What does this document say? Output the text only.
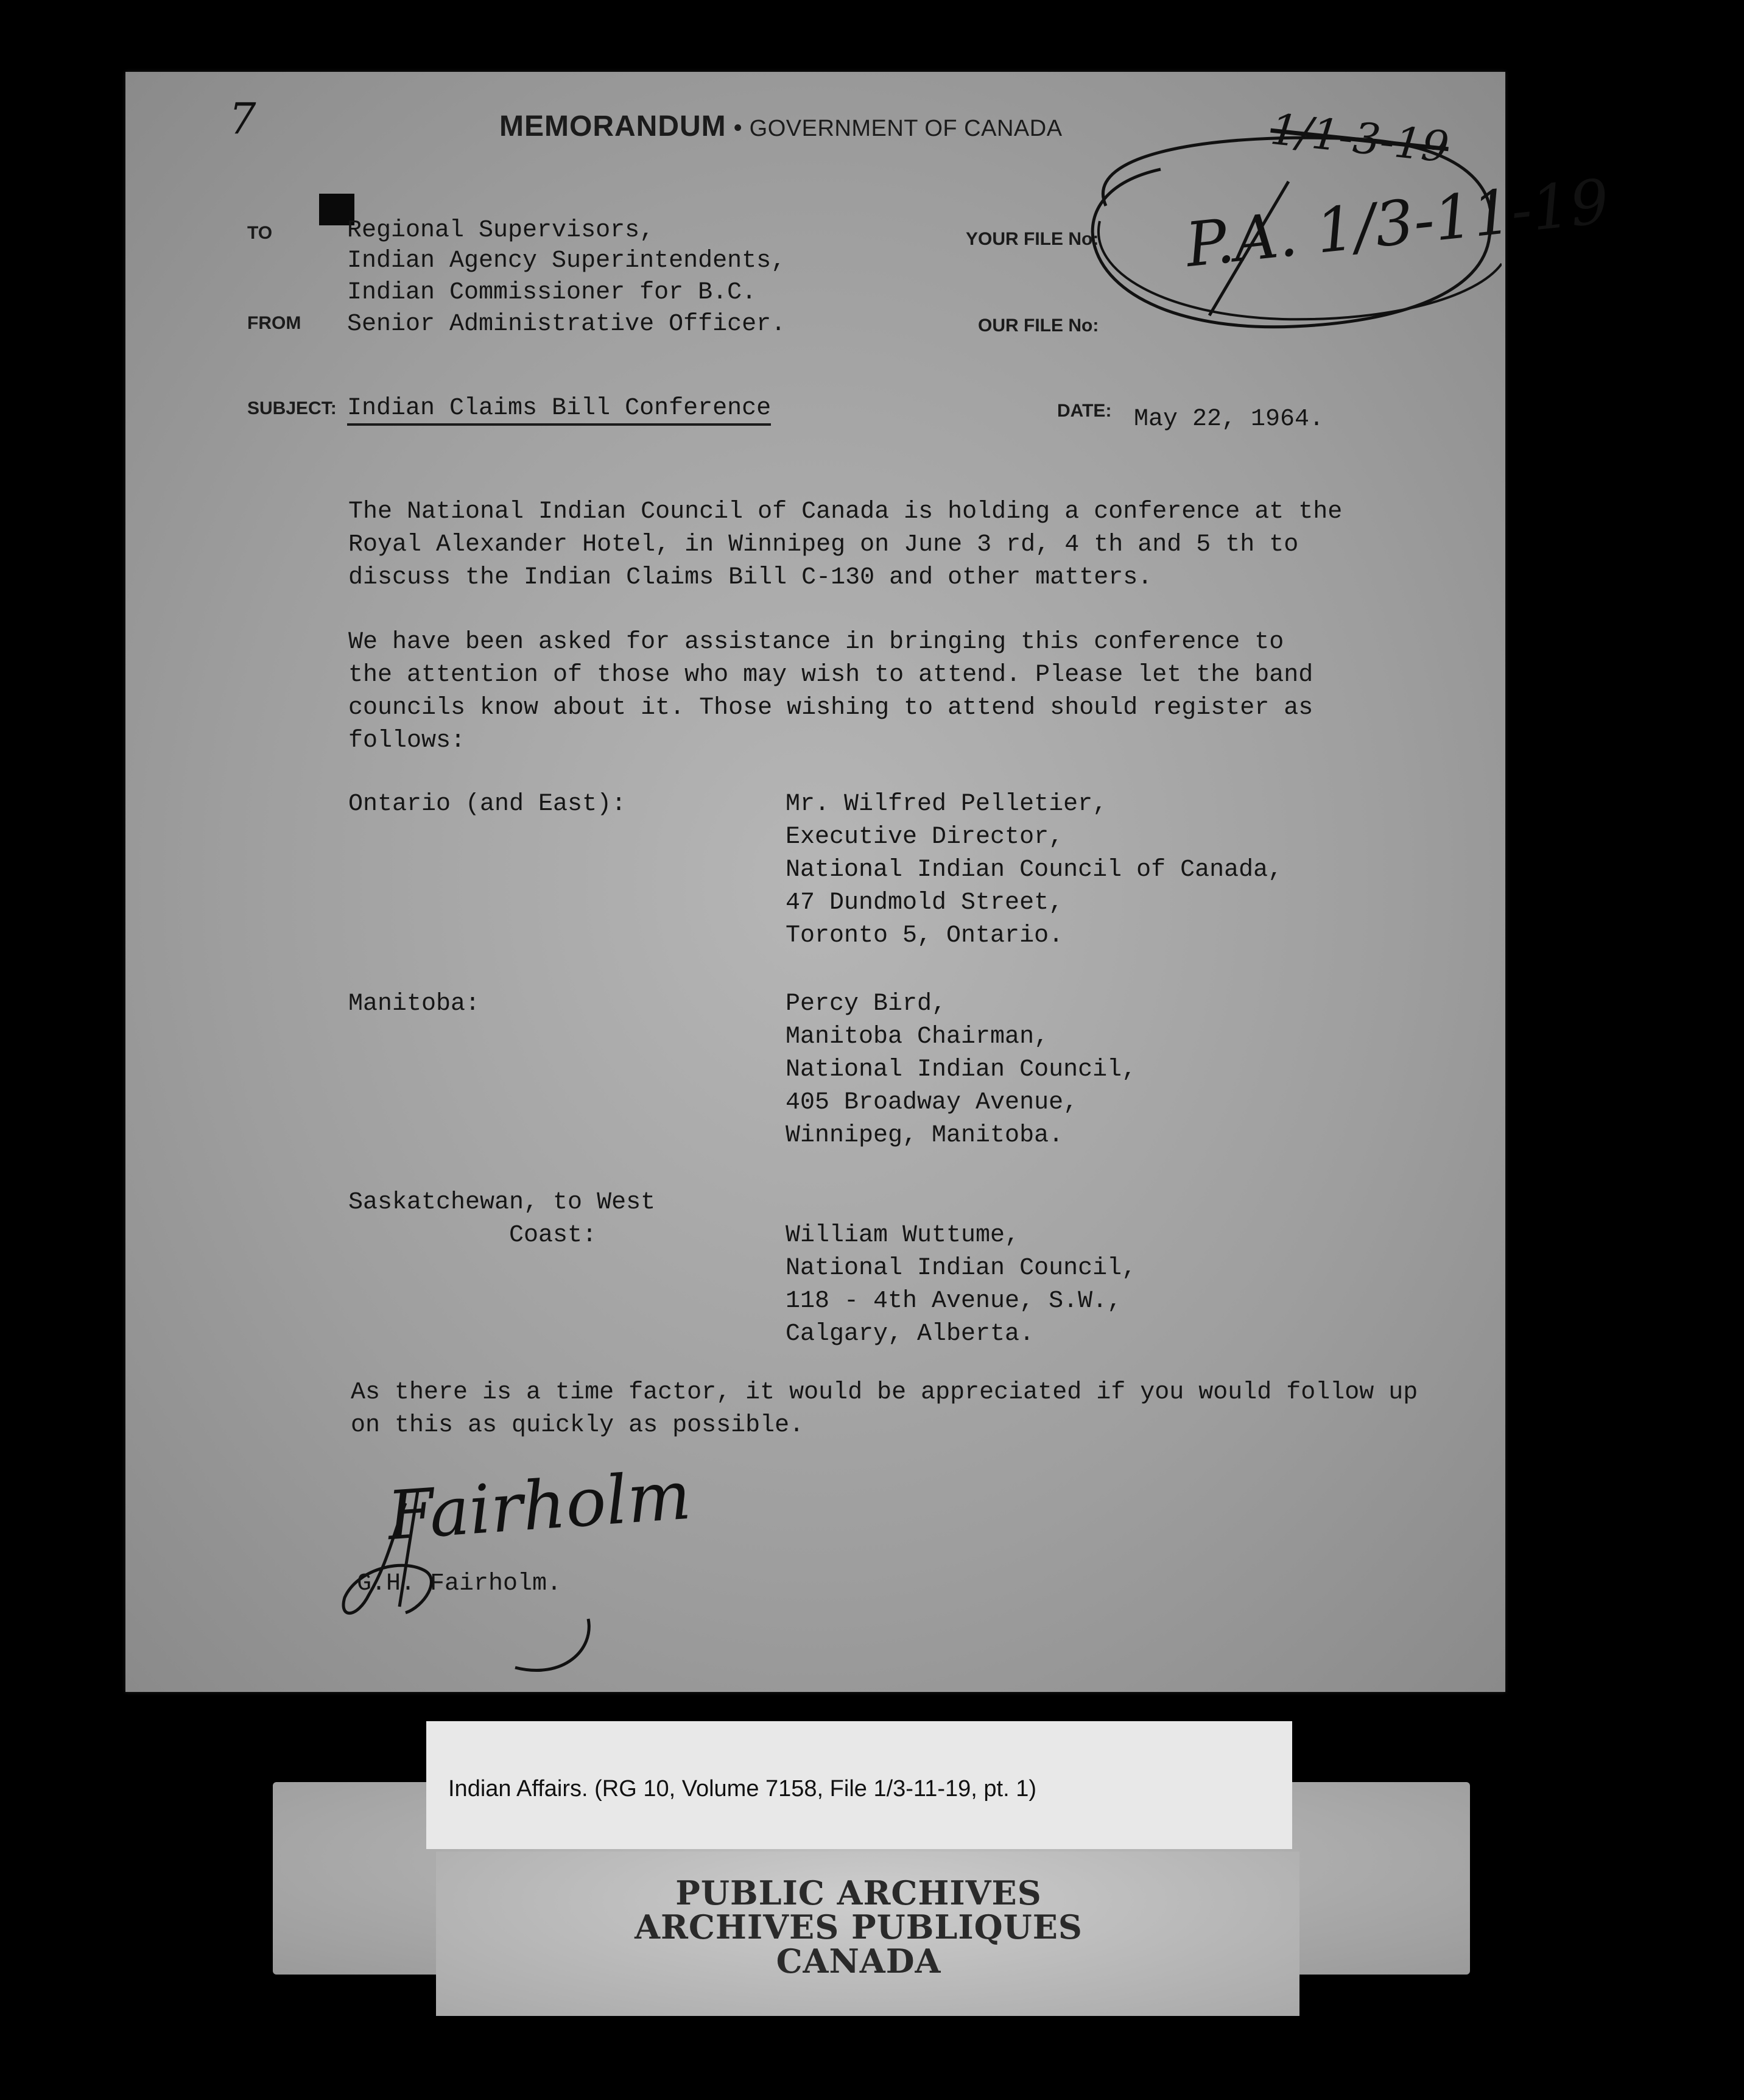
7	MEMORANDUM • GOVERNMENT OF CANADA	1/1-3-19
P.A. 1/3-11-19
TO	Regional Supervisors,
Indian Agency Superintendents,
Indian Commissioner for B.C.
FROM Senior Administrative Officer.
YOUR FILE No:
OUR FILE No:
SUBJECT: Indian Claims Bill Conference	DATE: May 22, 1964.
The National Indian Council of Canada is holding a conference at the
Royal Alexander Hotel, in Winnipeg on June 3 rd, 4 th and 5 th to
discuss the Indian Claims Bill C-130 and other matters.
We have been asked for assistance in bringing this conference to
the attention of those who may wish to attend. Please let the band
councils know about it. Those wishing to attend should register as
follows:
Ontario (and East):	Mr. Wilfred Pelletier,
Executive Director,
National Indian Council of Canada,
47 Dundmold Street,
Toronto 5, Ontario.
Manitoba:	Percy Bird,
Manitoba Chairman,
National Indian Council,
405 Broadway Avenue,
Winnipeg, Manitoba.
Saskatchewan, to West
Coast:	William Wuttume,
National Indian Council,
118 - 4th Avenue, S.W.,
Calgary, Alberta.
As there is a time factor, it would be appreciated if you would follow up
on this as quickly as possible.
Fairholm
G.H. Fairholm.
Indian Affairs. (RG 10, Volume 7158, File 1/3-11-19, pt. 1)
PUBLIC ARCHIVES
ARCHIVES PUBLIQUES
CANADA
